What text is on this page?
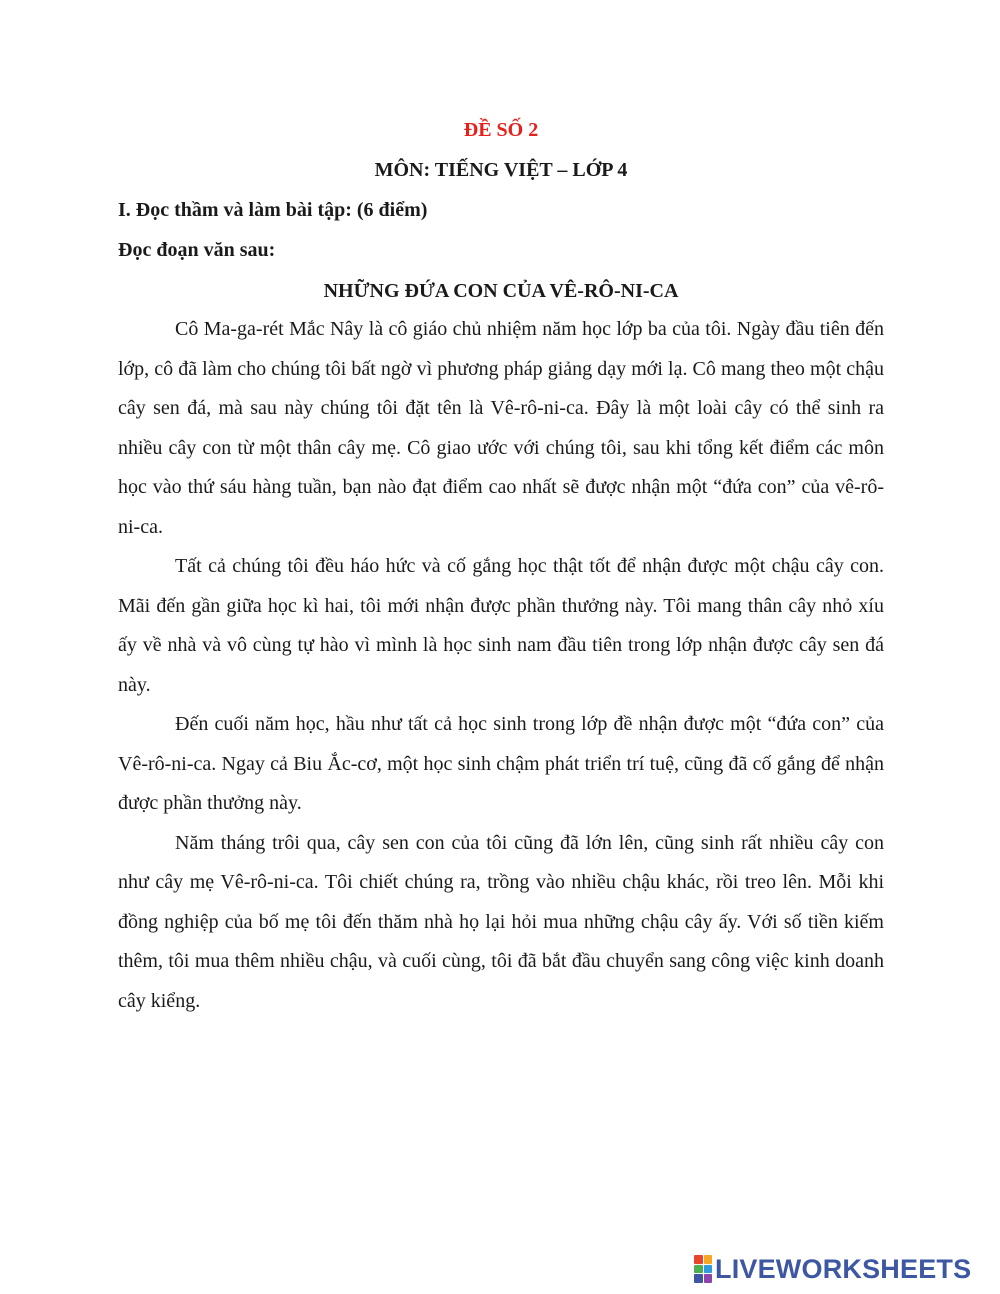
ĐỀ SỐ 2

MÔN: TIẾNG VIỆT – LỚP 4

I. Đọc thầm và làm bài tập: (6 điểm)

Đọc đoạn văn sau:

NHỮNG ĐỨA CON CỦA VÊ-RÔ-NI-CA

Cô Ma-ga-rét Mắc Nây là cô giáo chủ nhiệm năm học lớp ba của tôi. Ngày đầu tiên đến lớp, cô đã làm cho chúng tôi bất ngờ vì phương pháp giảng dạy mới lạ. Cô mang theo một chậu cây sen đá, mà sau này chúng tôi đặt tên là Vê-rô-ni-ca. Đây là một loài cây có thể sinh ra nhiều cây con từ một thân cây mẹ. Cô giao ước với chúng tôi, sau khi tổng kết điểm các môn học vào thứ sáu hàng tuần, bạn nào đạt điểm cao nhất sẽ được nhận một “đứa con” của vê-rô-ni-ca.

Tất cả chúng tôi đều háo hức và cố gắng học thật tốt để nhận được một chậu cây con. Mãi đến gần giữa học kì hai, tôi mới nhận được phần thưởng này. Tôi mang thân cây nhỏ xíu ấy về nhà và vô cùng tự hào vì mình là học sinh nam đầu tiên trong lớp nhận được cây sen đá này.

Đến cuối năm học, hầu như tất cả học sinh trong lớp đề nhận được một “đứa con” của Vê-rô-ni-ca. Ngay cả Biu Ắc-cơ, một học sinh chậm phát triển trí tuệ, cũng đã cố gắng để nhận được phần thưởng này.

Năm tháng trôi qua, cây sen con của tôi cũng đã lớn lên, cũng sinh rất nhiều cây con như cây mẹ Vê-rô-ni-ca. Tôi chiết chúng ra, trồng vào nhiều chậu khác, rồi treo lên. Mỗi khi đồng nghiệp của bố mẹ tôi đến thăm nhà họ lại hỏi mua những chậu cây ấy. Với số tiền kiếm thêm, tôi mua thêm nhiều chậu, và cuối cùng, tôi đã bắt đầu chuyển sang công việc kinh doanh cây kiểng.

LIVEWORKSHEETS
